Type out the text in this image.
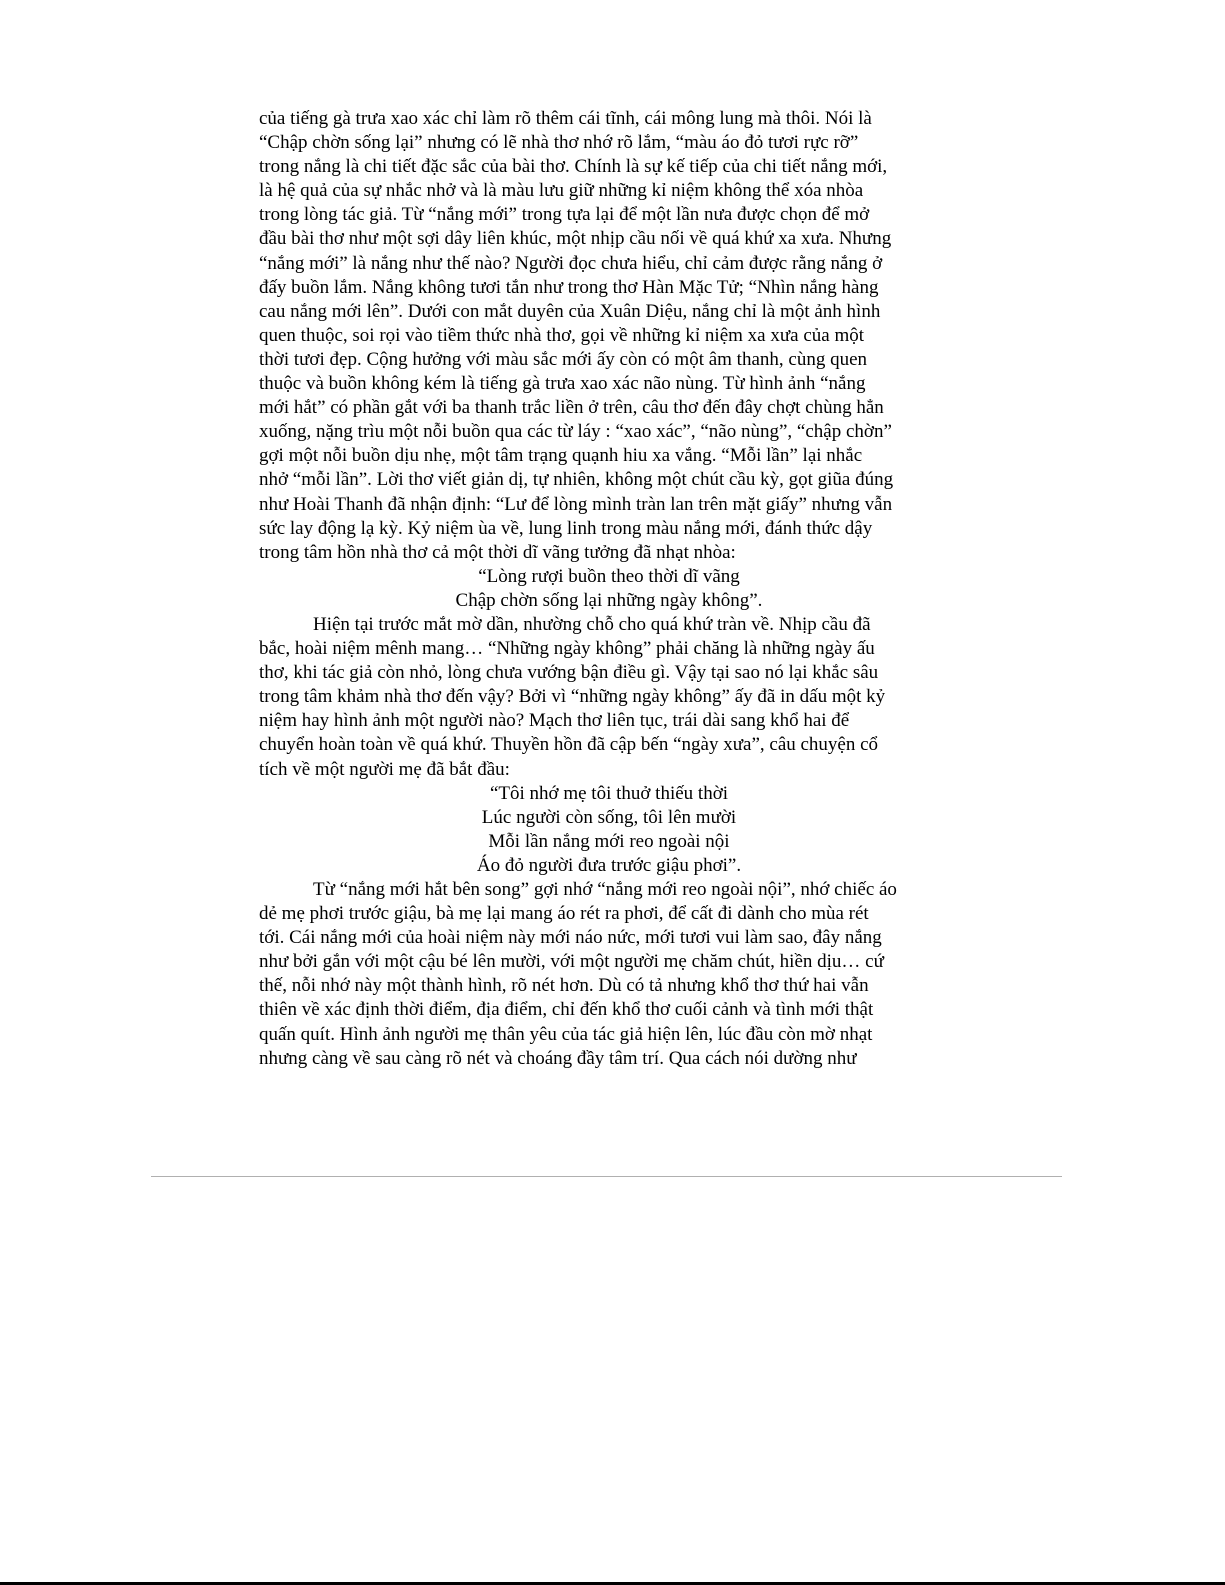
của tiếng gà trưa xao xác chỉ làm rõ thêm cái tĩnh, cái mông lung mà thôi. Nói là
“Chập chờn sống lại” nhưng có lẽ nhà thơ nhớ rõ lắm, “màu áo đỏ tươi rực rỡ”
trong nắng là chi tiết đặc sắc của bài thơ. Chính là sự kế tiếp của chi tiết nắng mới,
là hệ quả của sự nhắc nhở và là màu lưu giữ những kỉ niệm không thể xóa nhòa
trong lòng tác giả. Từ “nắng mới” trong tựa lại để một lần nưa được chọn để mở
đầu bài thơ như một sợi dây liên khúc, một nhịp cầu nối về quá khứ xa xưa. Nhưng
“nắng mới” là nắng như thế nào? Người đọc chưa hiểu, chỉ cảm được rằng nắng ở
đấy buồn lắm. Nắng không tươi tắn như trong thơ Hàn Mặc Tử; “Nhìn nắng hàng
cau nắng mới lên”. Dưới con mắt duyên của Xuân Diệu, nắng chỉ là một ảnh hình
quen thuộc, soi rọi vào tiềm thức nhà thơ, gọi về những kỉ niệm xa xưa của một
thời tươi đẹp. Cộng hưởng với màu sắc mới ấy còn có một âm thanh, cùng quen
thuộc và buồn không kém là tiếng gà trưa xao xác não nùng. Từ hình ảnh “nắng
mới hắt” có phần gắt với ba thanh trắc liền ở trên, câu thơ đến đây chợt chùng hẳn
xuống, nặng trìu một nỗi buồn qua các từ láy : “xao xác”, “não nùng”, “chập chờn”
gợi một nỗi buồn dịu nhẹ, một tâm trạng quạnh hiu xa vắng. “Mỗi lần” lại nhắc
nhở “mỗi lần”. Lời thơ viết giản dị, tự nhiên, không một chút cầu kỳ, gọt giũa đúng
như Hoài Thanh đã nhận định: “Lư để lòng mình tràn lan trên mặt giấy” nhưng vẫn
sức lay động lạ kỳ. Kỷ niệm ùa về, lung linh trong màu nắng mới, đánh thức dậy
trong tâm hồn nhà thơ cả một thời dĩ vãng tưởng đã nhạt nhòa:
“Lòng rượi buồn theo thời dĩ vãng
Chập chờn sống lại những ngày không”.
Hiện tại trước mắt mờ dần, nhường chỗ cho quá khứ tràn về. Nhịp cầu đã
bắc, hoài niệm mênh mang… “Những ngày không” phải chăng là những ngày ấu
thơ, khi tác giả còn nhỏ, lòng chưa vướng bận điều gì. Vậy tại sao nó lại khắc sâu
trong tâm khảm nhà thơ đến vậy? Bởi vì “những ngày không” ấy đã in dấu một kỷ
niệm hay hình ảnh một người nào? Mạch thơ liên tục, trái dài sang khổ hai để
chuyển hoàn toàn về quá khứ. Thuyền hồn đã cập bến “ngày xưa”, câu chuyện cổ
tích về một người mẹ đã bắt đầu:
“Tôi nhớ mẹ tôi thuở thiếu thời
Lúc người còn sống, tôi lên mười
Mỗi lần nắng mới reo ngoài nội
Áo đỏ người đưa trước giậu phơi”.
Từ “nắng mới hắt bên song” gợi nhớ “nắng mới reo ngoài nội”, nhớ chiếc áo
dẻ mẹ phơi trước giậu, bà mẹ lại mang áo rét ra phơi, để cất đi dành cho mùa rét
tới. Cái nắng mới của hoài niệm này mới náo nức, mới tươi vui làm sao, đây nắng
như bởi gắn với một cậu bé lên mười, với một người mẹ chăm chút, hiền dịu… cứ
thế, nỗi nhớ này một thành hình, rõ nét hơn. Dù có tả nhưng khổ thơ thứ hai vẫn
thiên về xác định thời điểm, địa điểm, chỉ đến khổ thơ cuối cảnh và tình mới thật
quấn quít. Hình ảnh người mẹ thân yêu của tác giả hiện lên, lúc đầu còn mờ nhạt
nhưng càng về sau càng rõ nét và choáng đầy tâm trí. Qua cách nói dường như
